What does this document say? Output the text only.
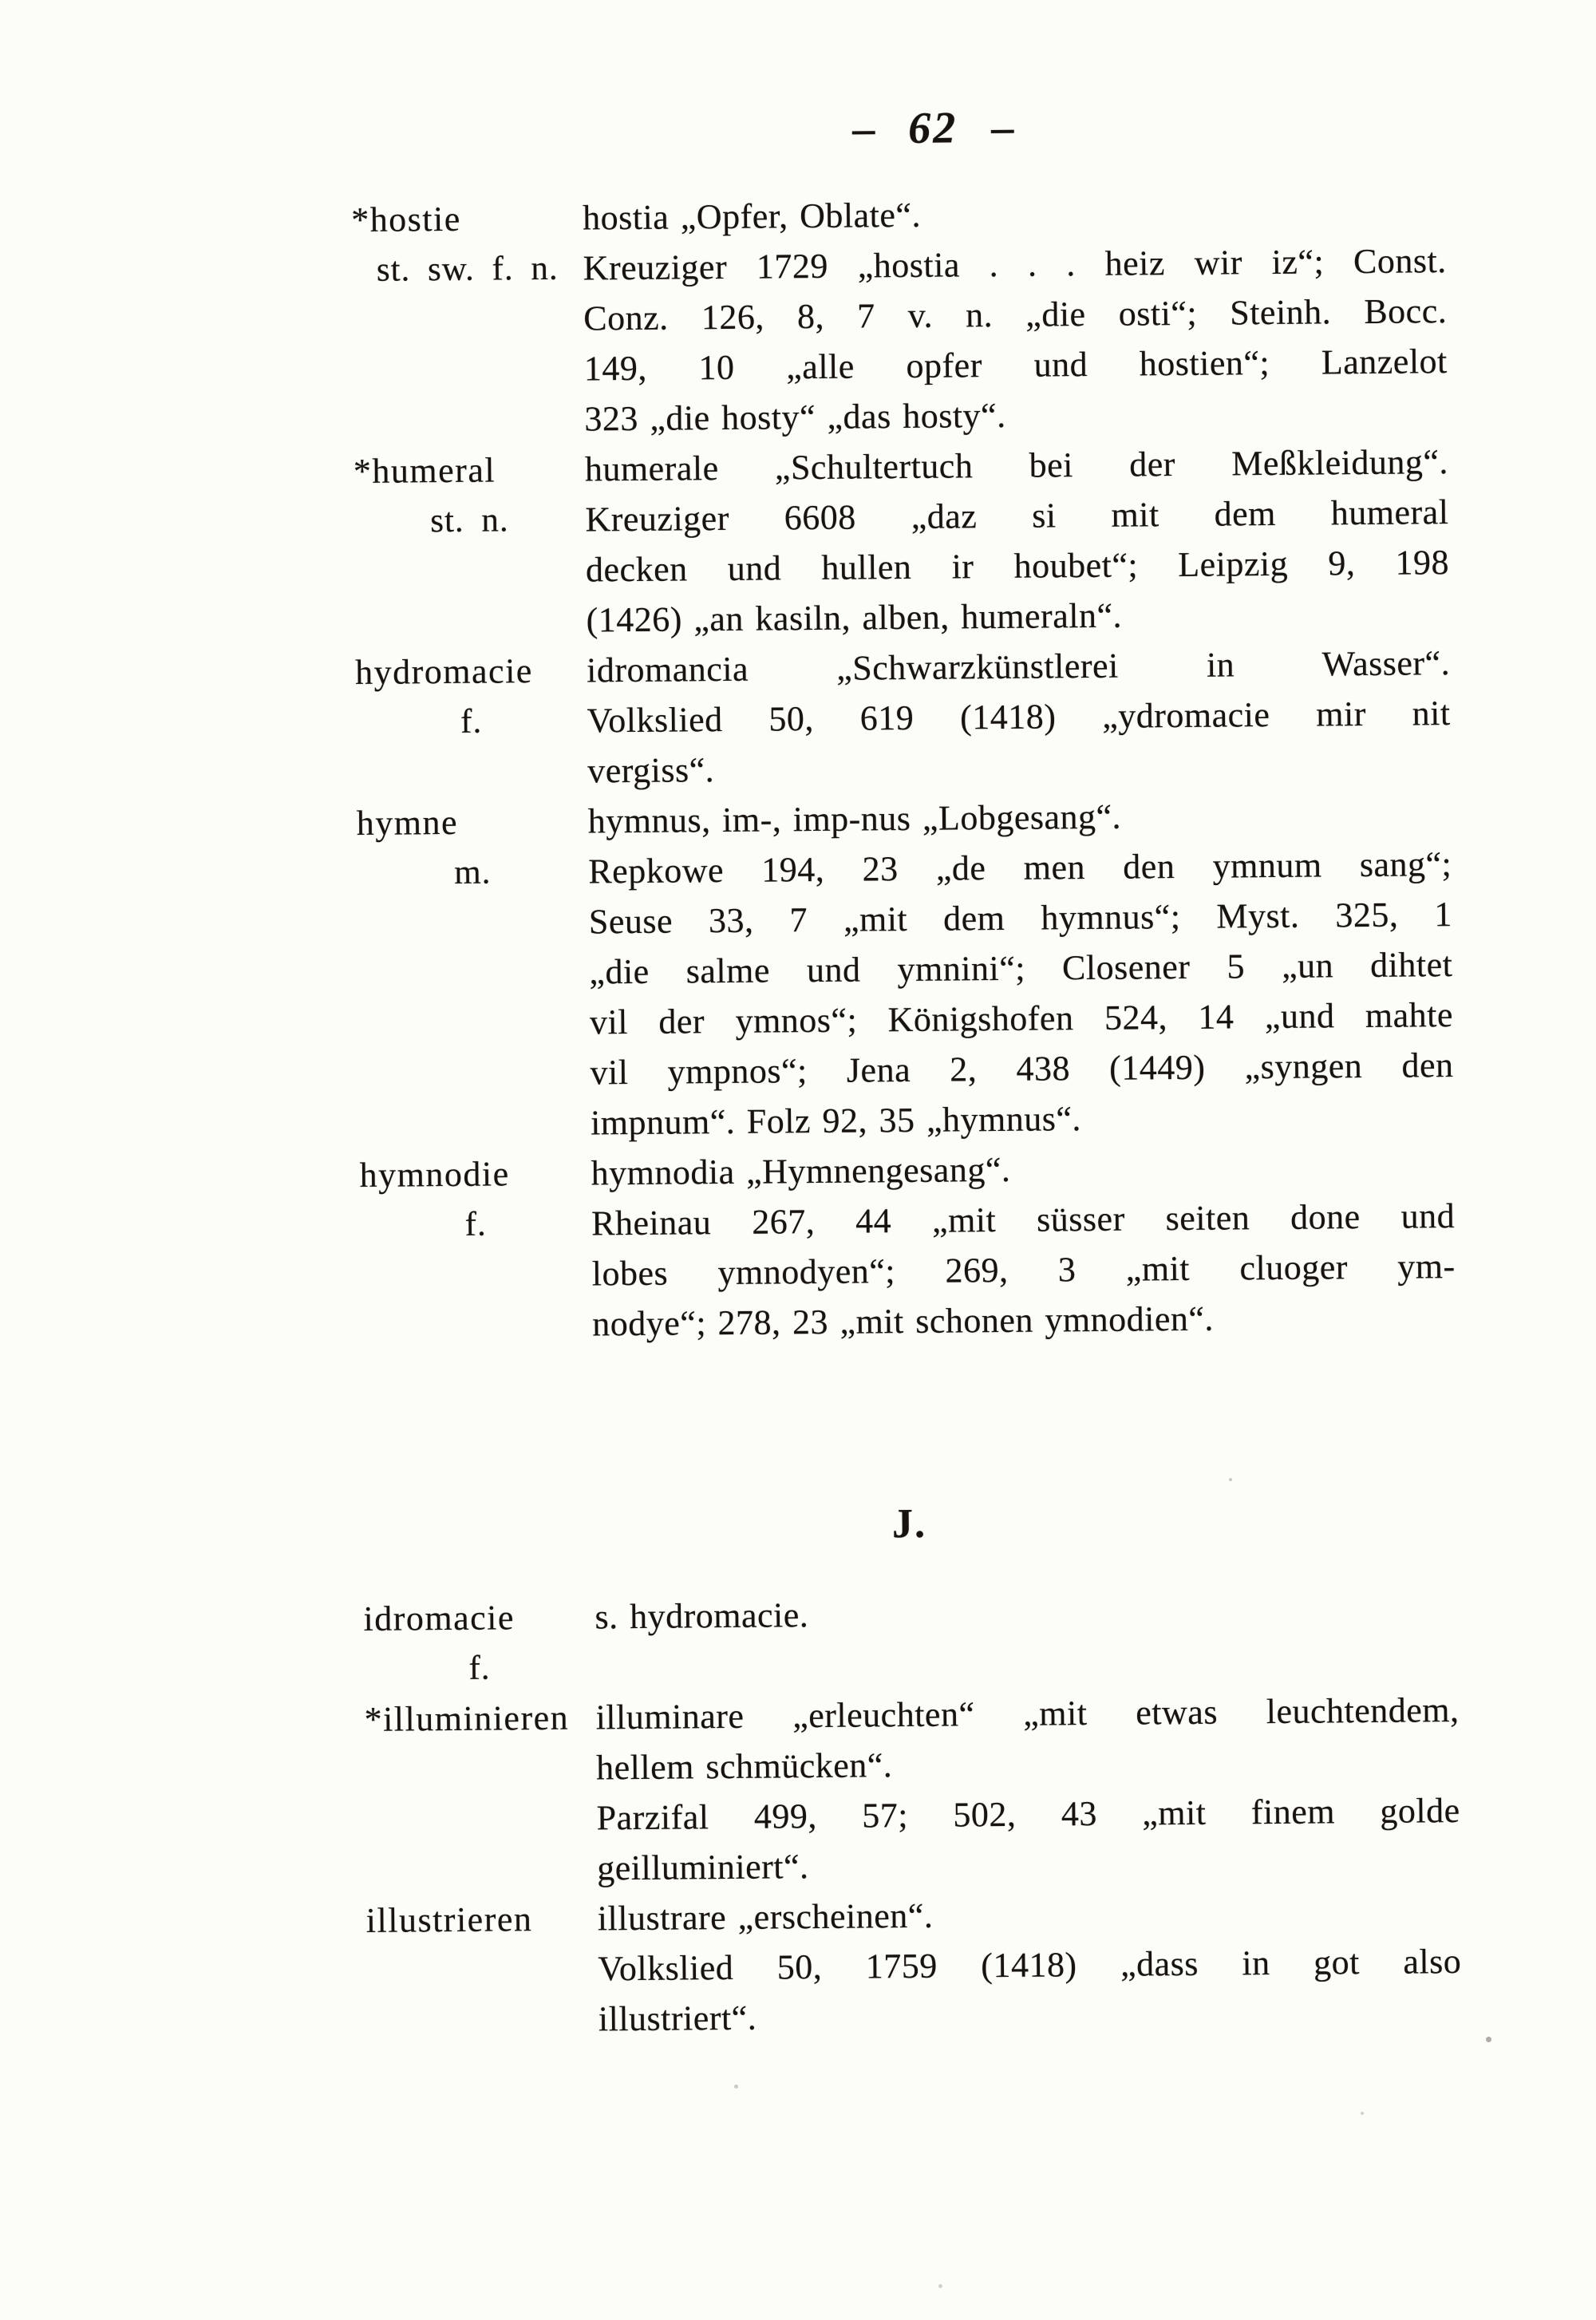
– 62 –
*hostie
st. sw. f. n.
hostia „Opfer, Oblate“.
Kreuziger 1729 „hostia . . . heiz wir iz“; Const.
Conz. 126, 8, 7 v. n. „die osti“; Steinh. Bocc.
149, 10 „alle opfer und hostien“; Lanzelot
323 „die hosty“ „das hosty“.
*humeral
st. n.
humerale „Schultertuch bei der Meßkleidung“.
Kreuziger 6608 „daz si mit dem humeral
decken und hullen ir houbet“; Leipzig 9, 198
(1426) „an kasiln, alben, humeraln“.
hydromacie
f.
idromancia „Schwarzkünstlerei in Wasser“.
Volkslied 50, 619 (1418) „ydromacie mir nit
vergiss“.
hymne
m.
hymnus, im-, imp-nus „Lobgesang“.
Repkowe 194, 23 „de men den ymnum sang“;
Seuse 33, 7 „mit dem hymnus“; Myst. 325, 1
„die salme und ymnini“; Closener 5 „un dihtet
vil der ymnos“; Königshofen 524, 14 „und mahte
vil ympnos“; Jena 2, 438 (1449) „syngen den
impnum“. Folz 92, 35 „hymnus“.
hymnodie
f.
hymnodia „Hymnengesang“.
Rheinau 267, 44 „mit süsser seiten done und
lobes ymnodyen“; 269, 3 „mit cluoger ym-
nodye“; 278, 23 „mit schonen ymnodien“.
J.
idromacie
f.
s. hydromacie.
*illuminieren illuminare „erleuchten“ „mit etwas leuchtendem,
hellem schmücken“.
Parzifal 499, 57; 502, 43 „mit finem golde
geilluminiert“.
illustrieren	illustrare „erscheinen“.
Volkslied 50, 1759 (1418) „dass in got also
illustriert“.
